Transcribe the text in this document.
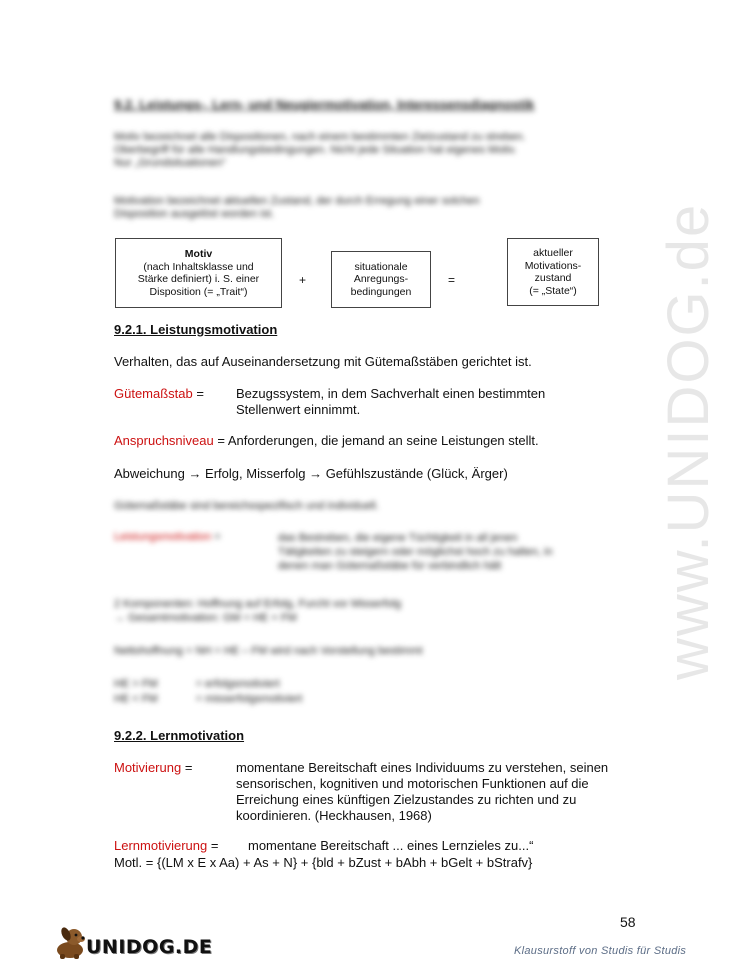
www.UNIDOG.de
9.2. Leistungs-, Lern- und Neugiermotivation, Interessensdiagnostik
Motiv bezeichnet alle Dispositionen, nach einem bestimmten Zielzustand zu streben.
Oberbegriff für alle Handlungsbedingungen. Nicht jede Situation hat eigenes Motiv.
Nur „Grundsituationen“
Motivation bezeichnet aktuellen Zustand, der durch Erregung einer solchen
Disposition ausgelöst worden ist.
Motiv
(nach Inhaltsklasse und
Stärke definiert) i. S. einer
Disposition (= „Trait“)
+
situationale
Anregungs-
bedingungen
=
aktueller
Motivations-
zustand
(= „State“)
9.2.1. Leistungsmotivation
Verhalten, das auf Auseinandersetzung mit Gütemaßstäben gerichtet ist.
Gütemaßstab = Bezugssystem, in dem Sachverhalt einen bestimmten
Stellenwert einnimmt.
Anspruchsniveau = Anforderungen, die jemand an seine Leistungen stellt.
Abweichung → Erfolg, Misserfolg → Gefühlszustände (Glück, Ärger)
Gütemaßstäbe sind bereichsspezifisch und individuell.
Leistungsmotivation =	das Bestreben, die eigene Tüchtigkeit in all jenen
Tätigkeiten zu steigern oder möglichst hoch zu halten, in
denen man Gütemaßstäbe für verbindlich hält
2 Komponenten: Hoffnung auf Erfolg, Furcht vor Misserfolg
→ Gesamtmotivation: GM = HE + FM
Nettohoffnung = NH = HE – FM wird nach Vorstellung bestimmt
HE > FM	= erfolgsmotiviert
HE < FM	= misserfolgsmotiviert
9.2.2. Lernmotivation
Motivierung =	momentane Bereitschaft eines Individuums zu verstehen, seinen
sensorischen, kognitiven und motorischen Funktionen auf die
Erreichung eines künftigen Zielzustandes zu richten und zu
koordinieren. (Heckhausen, 1968)
Lernmotivierung = momentane Bereitschaft ... eines Lernzieles zu...“
Motl. = {(LM x E x Aa) + As + N} + {bld + bZust + bAbh + bGelt + bStrafv}
58
UNIDOG.DE	Klausurstoff von Studis für Studis
